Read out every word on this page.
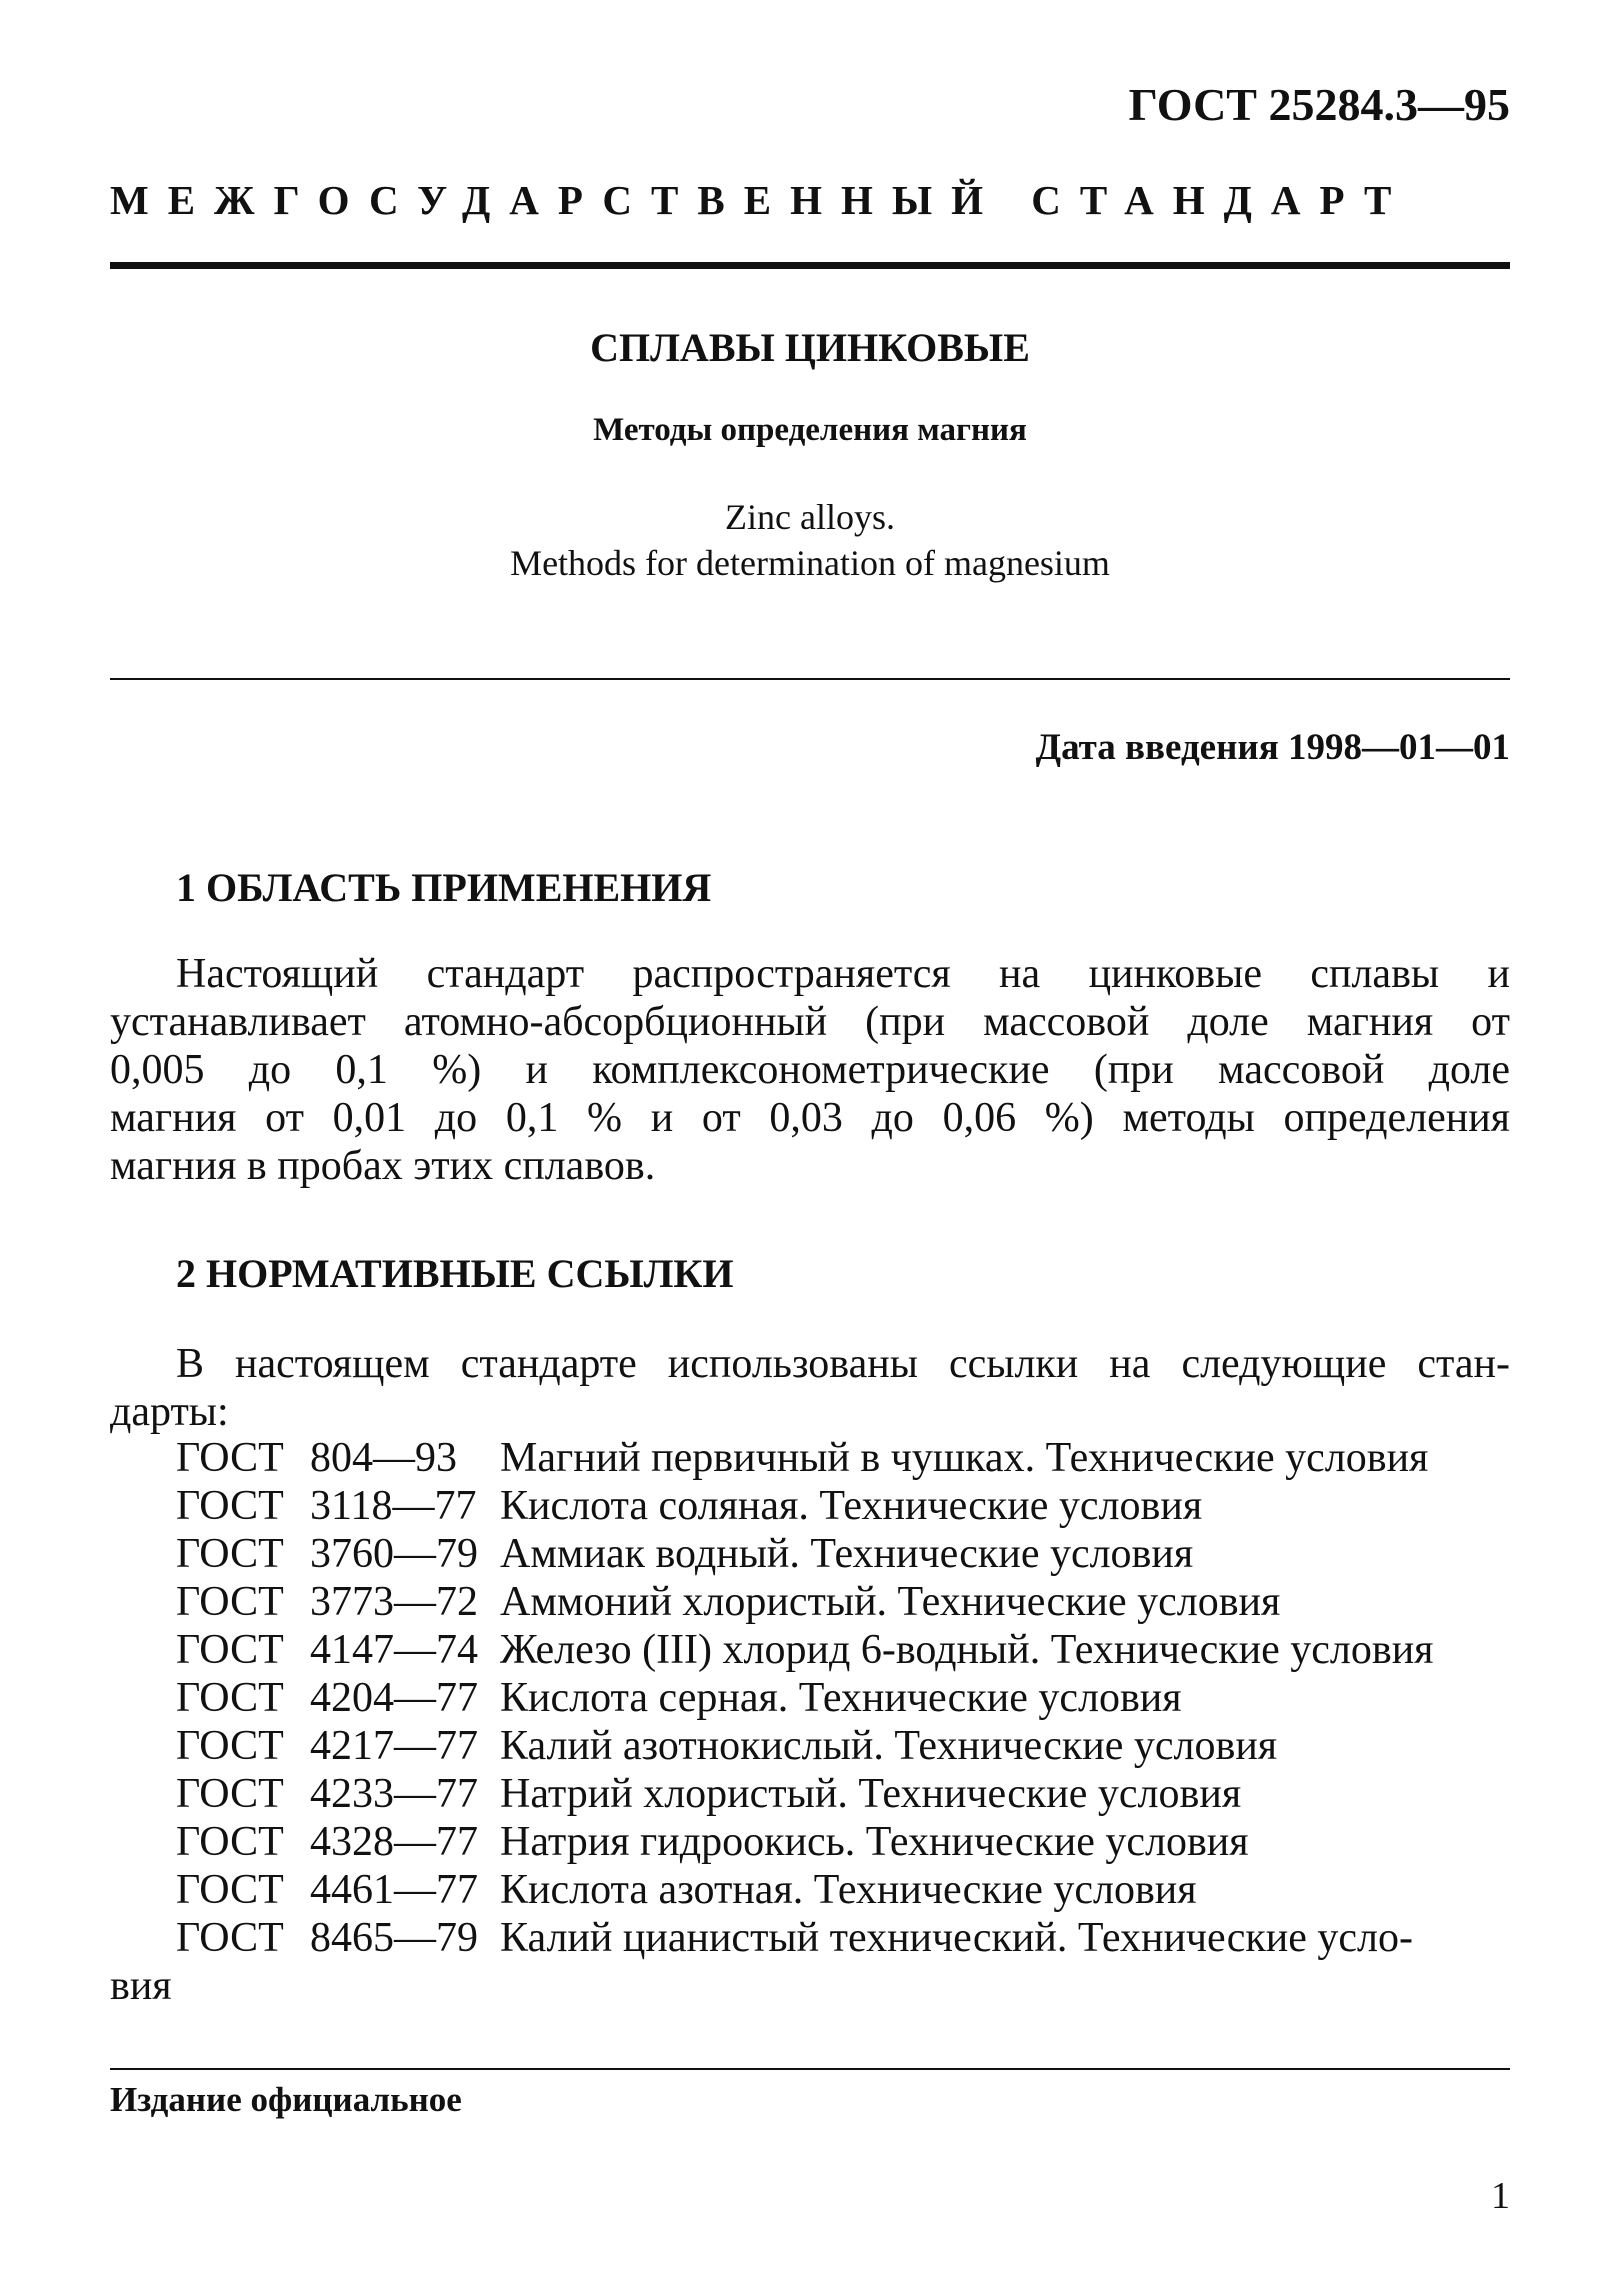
ГОСТ 25284.3—95
МЕЖГОСУДАРСТВЕННЫЙ СТАНДАРТ
СПЛАВЫ ЦИНКОВЫЕ
Методы определения магния
Zinc alloys.
Methods for determination of magnesium
Дата введения 1998—01—01
1 ОБЛАСТЬ ПРИМЕНЕНИЯ
Настоящий стандарт распространяется на цинковые сплавы и
устанавливает атомно-абсорбционный (при массовой доле магния от
0,005 до 0,1 %) и комплексонометрические (при массовой доле
магния от 0,01 до 0,1 % и от 0,03 до 0,06 %) методы определения
магния в пробах этих сплавов.
2 НОРМАТИВНЫЕ ССЫЛКИ
В настоящем стандарте использованы ссылки на следующие стан-
дарты:
ГОСТ 804—93	Магний первичный в чушках. Технические условия
ГОСТ 3118—77 Кислота соляная. Технические условия
ГОСТ 3760—79 Аммиак водный. Технические условия
ГОСТ 3773—72 Аммоний хлористый. Технические условия
ГОСТ 4147—74 Железо (III) хлорид 6-водный. Технические условия
ГОСТ 4204—77 Кислота серная. Технические условия
ГОСТ 4217—77 Калий азотнокислый. Технические условия
ГОСТ 4233—77 Натрий хлористый. Технические условия
ГОСТ 4328—77 Натрия гидроокись. Технические условия
ГОСТ 4461—77 Кислота азотная. Технические условия
ГОСТ 8465—79 Калий цианистый технический. Технические усло-
вия
Издание официальное
1
